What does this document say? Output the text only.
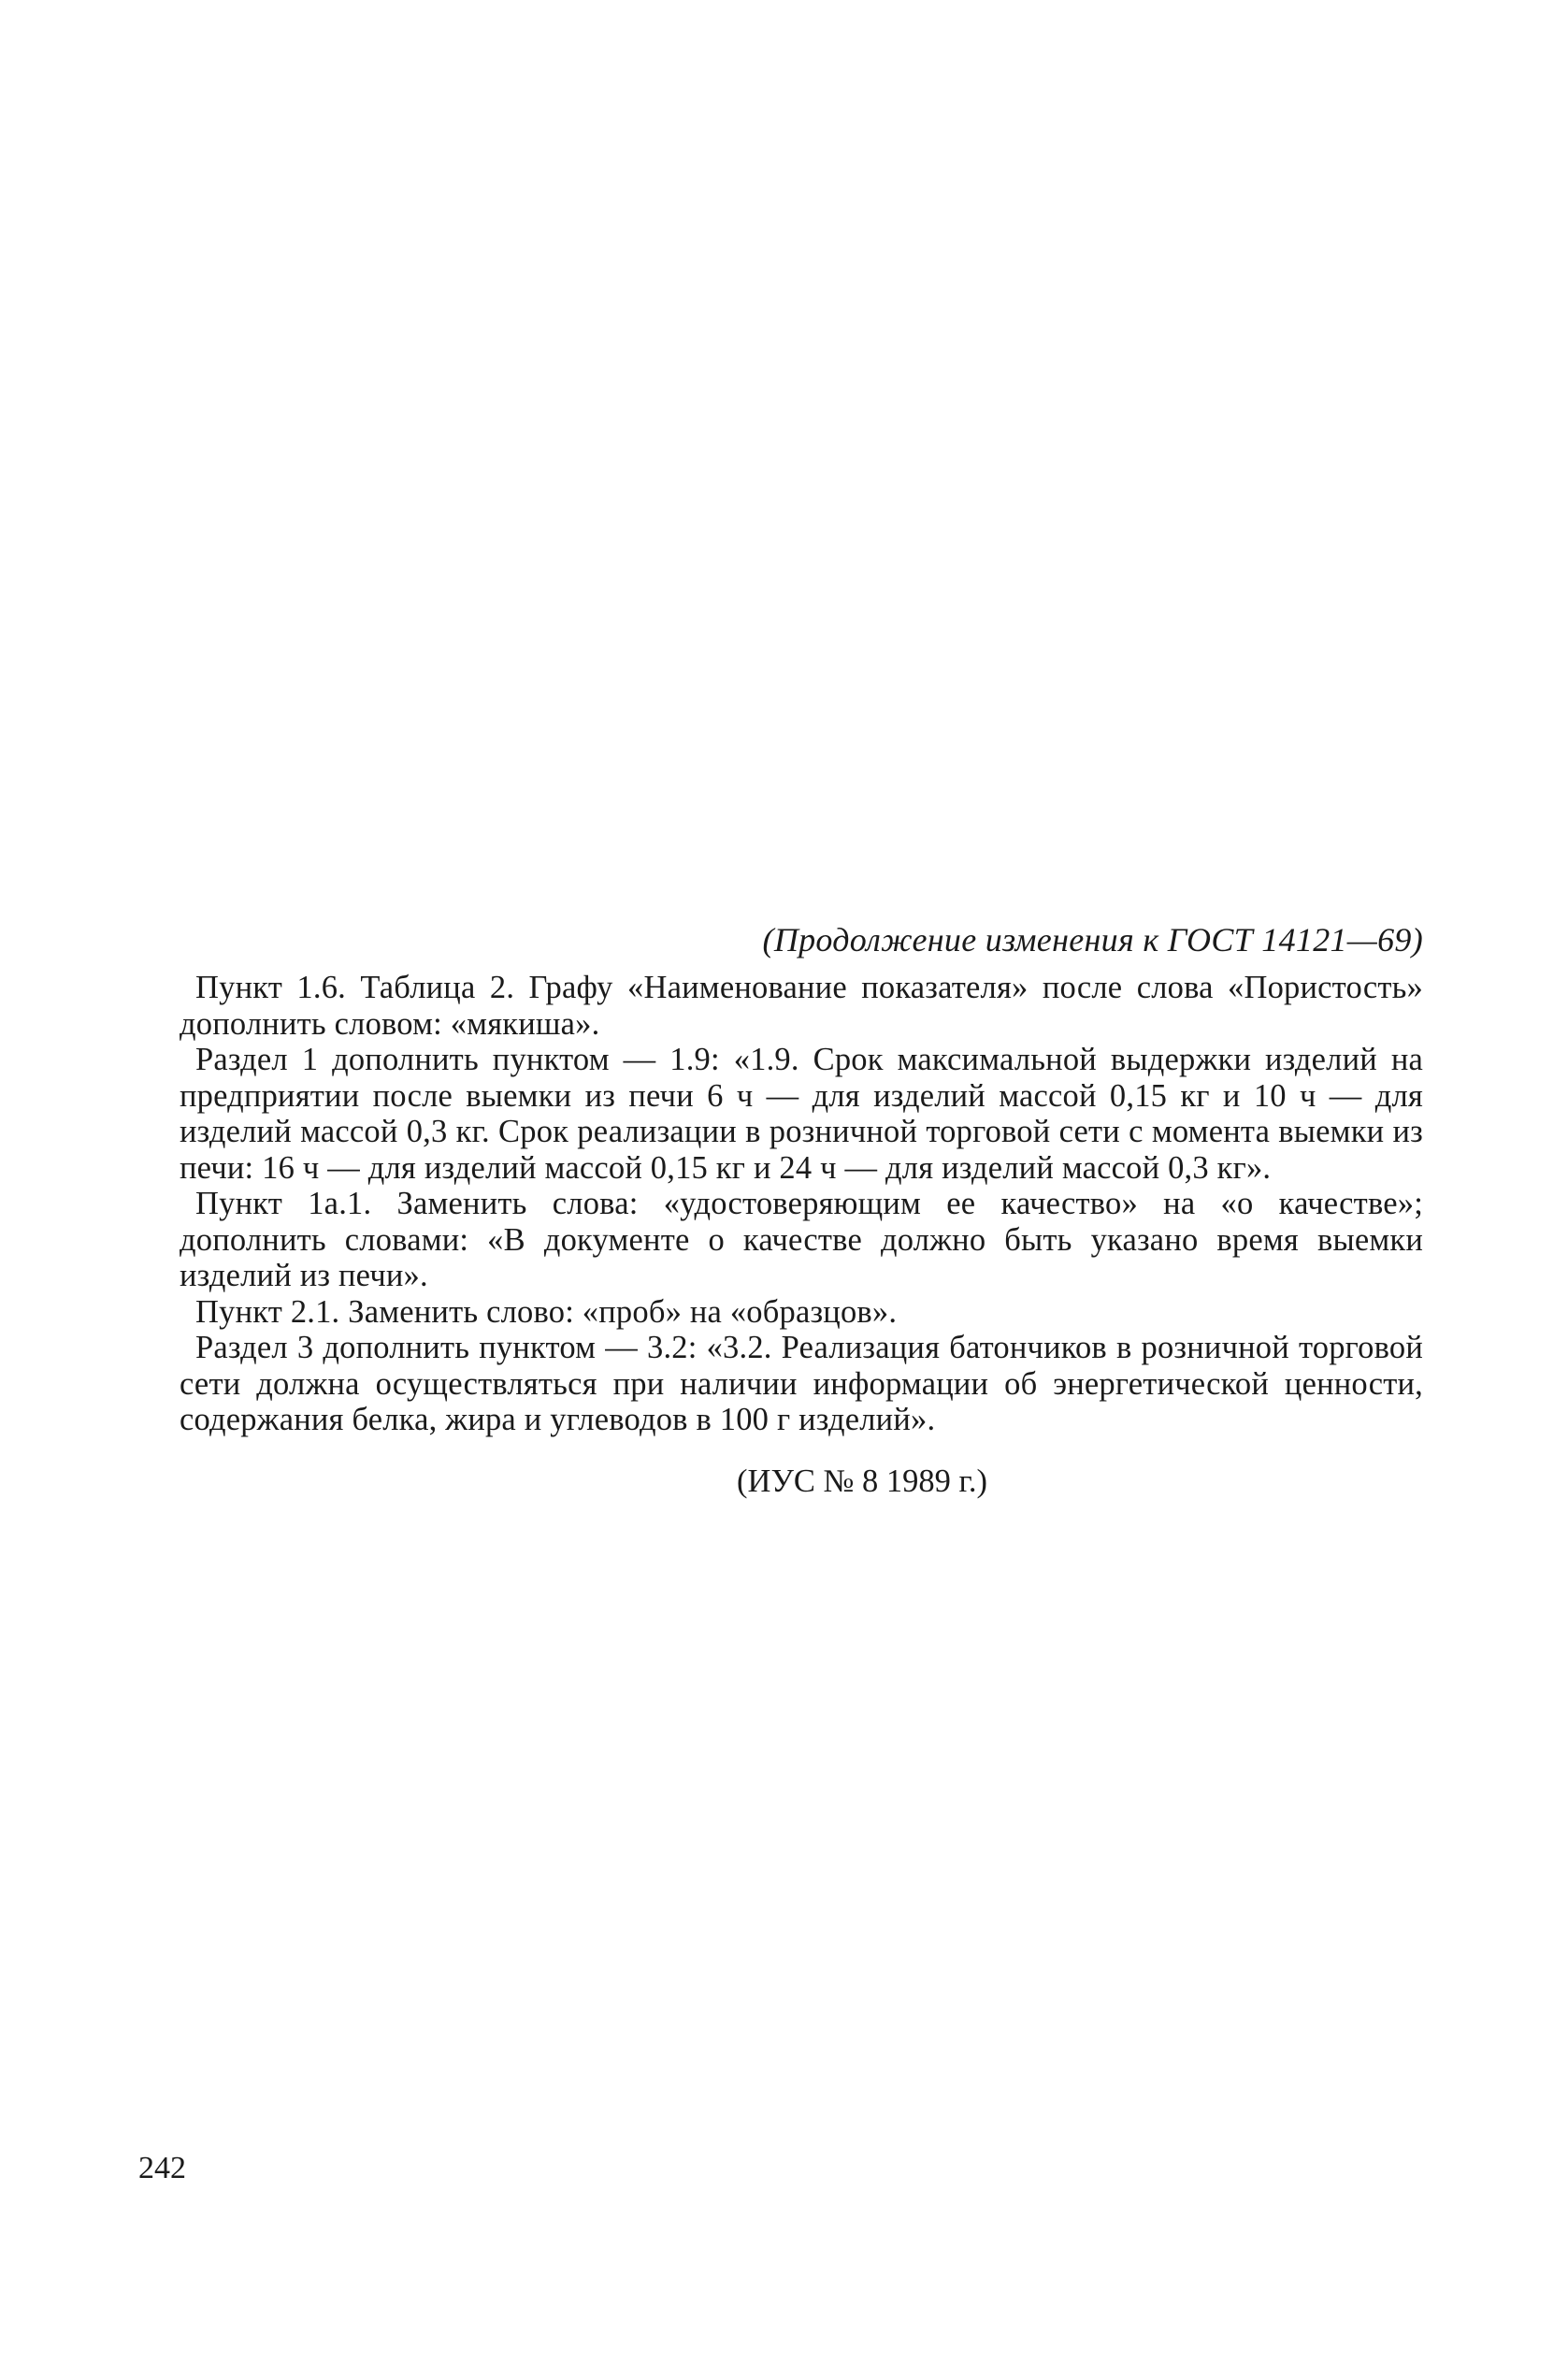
(Продолжение изменения к ГОСТ 14121—69)

Пункт 1.6. Таблица 2. Графу «Наименование показателя» после слова «Пористость» дополнить словом: «мякиша».

Раздел 1 дополнить пунктом — 1.9: «1.9. Срок максимальной выдержки изделий на предприятии после выемки из печи 6 ч — для изделий массой 0,15 кг и 10 ч — для изделий массой 0,3 кг. Срок реализации в розничной торговой сети с момента выемки из печи: 16 ч — для изделий массой 0,15 кг и 24 ч — для изделий массой 0,3 кг».

Пункт 1а.1. Заменить слова: «удостоверяющим ее качество» на «о качестве»; дополнить словами: «В документе о качестве должно быть указано время выемки изделий из печи».

Пункт 2.1. Заменить слово: «проб» на «образцов».

Раздел 3 дополнить пунктом — 3.2: «3.2. Реализация батончиков в розничной торговой сети должна осуществляться при наличии информации об энергетической ценности, содержания белка, жира и углеводов в 100 г изделий».

(ИУС № 8 1989 г.)

242
